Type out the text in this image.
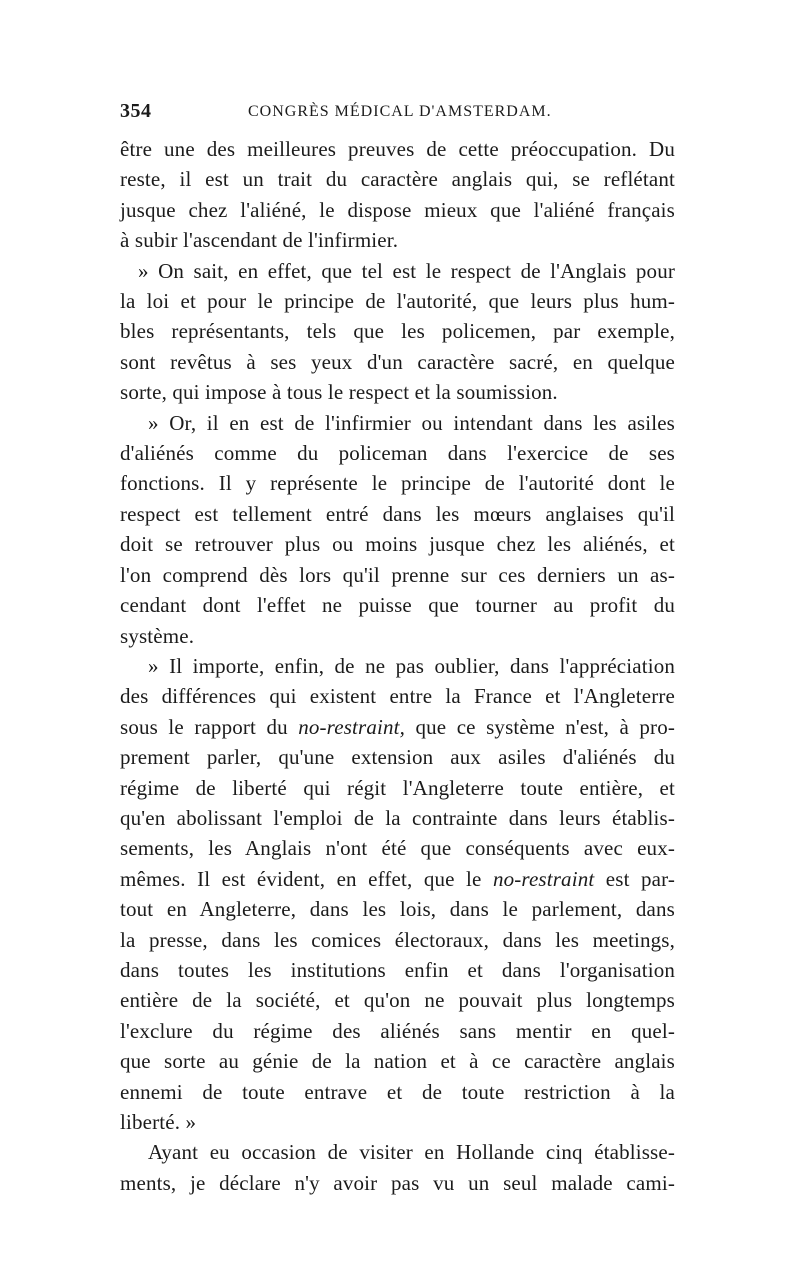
354	CONGRÈS MÉDICAL D'AMSTERDAM.
être une des meilleures preuves de cette préoccupation. Du
reste, il est un trait du caractère anglais qui, se reflétant
jusque chez l'aliéné, le dispose mieux que l'aliéné français
à subir l'ascendant de l'infirmier.
» On sait, en effet, que tel est le respect de l'Anglais pour
la loi et pour le principe de l'autorité, que leurs plus hum-
bles représentants, tels que les policemen, par exemple,
sont revêtus à ses yeux d'un caractère sacré, en quelque
sorte, qui impose à tous le respect et la soumission.
» Or, il en est de l'infirmier ou intendant dans les asiles
d'aliénés comme du policeman dans l'exercice de ses
fonctions. Il y représente le principe de l'autorité dont le
respect est tellement entré dans les mœurs anglaises qu'il
doit se retrouver plus ou moins jusque chez les aliénés, et
l'on comprend dès lors qu'il prenne sur ces derniers un as-
cendant dont l'effet ne puisse que tourner au profit du
système.
» Il importe, enfin, de ne pas oublier, dans l'appréciation
des différences qui existent entre la France et l'Angleterre
sous le rapport du no-restraint, que ce système n'est, à pro-
prement parler, qu'une extension aux asiles d'aliénés du
régime de liberté qui régit l'Angleterre toute entière, et
qu'en abolissant l'emploi de la contrainte dans leurs établis-
sements, les Anglais n'ont été que conséquents avec eux-
mêmes. Il est évident, en effet, que le no-restraint est par-
tout en Angleterre, dans les lois, dans le parlement, dans
la presse, dans les comices électoraux, dans les meetings,
dans toutes les institutions enfin et dans l'organisation
entière de la société, et qu'on ne pouvait plus longtemps
l'exclure du régime des aliénés sans mentir en quel-
que sorte au génie de la nation et à ce caractère anglais
ennemi de toute entrave et de toute restriction à la
liberté. »
Ayant eu occasion de visiter en Hollande cinq établisse-
ments, je déclare n'y avoir pas vu un seul malade cami-
